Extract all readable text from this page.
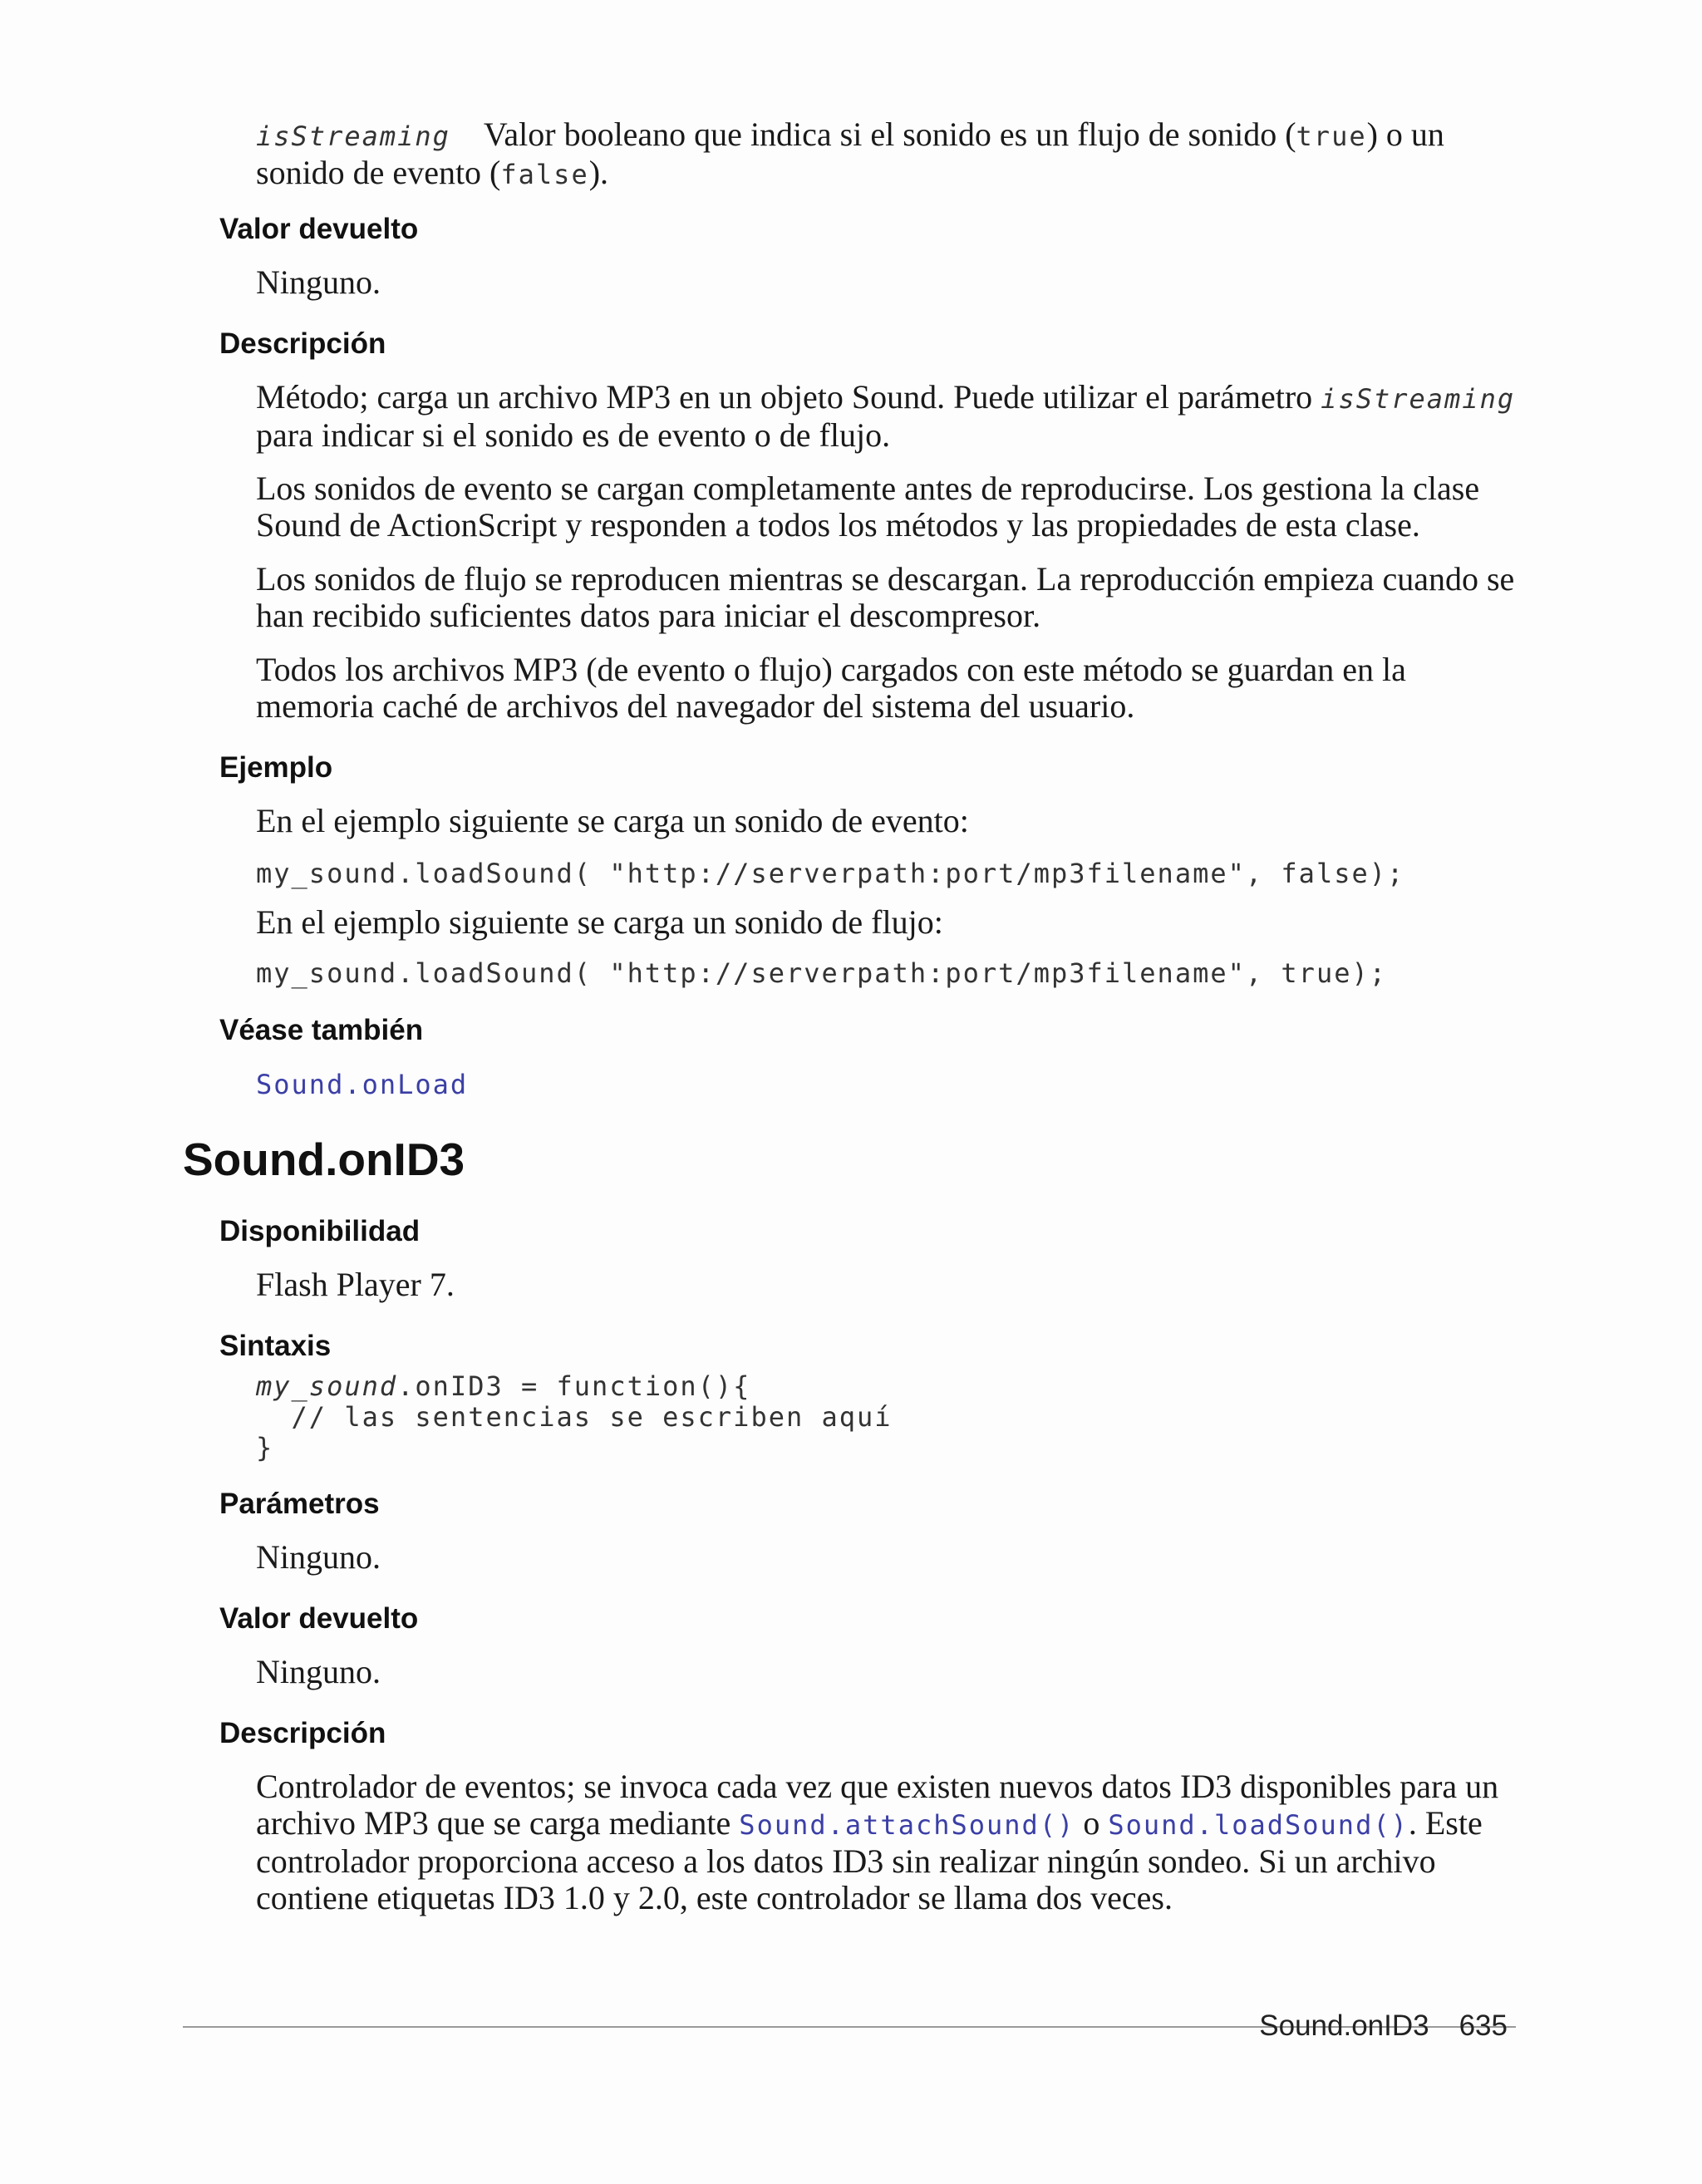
isStreaming Valor booleano que indica si el sonido es un flujo de sonido (true) o un sonido de evento (false).

Valor devuelto

Ninguno.

Descripción

Método; carga un archivo MP3 en un objeto Sound. Puede utilizar el parámetro isStreaming para indicar si el sonido es de evento o de flujo.

Los sonidos de evento se cargan completamente antes de reproducirse. Los gestiona la clase Sound de ActionScript y responden a todos los métodos y las propiedades de esta clase.

Los sonidos de flujo se reproducen mientras se descargan. La reproducción empieza cuando se han recibido suficientes datos para iniciar el descompresor.

Todos los archivos MP3 (de evento o flujo) cargados con este método se guardan en la memoria caché de archivos del navegador del sistema del usuario.

Ejemplo

En el ejemplo siguiente se carga un sonido de evento:

my_sound.loadSound( "http://serverpath:port/mp3filename", false);

En el ejemplo siguiente se carga un sonido de flujo:

my_sound.loadSound( "http://serverpath:port/mp3filename", true);

Véase también

Sound.onLoad

Sound.onID3
Disponibilidad

Flash Player 7.

Sintaxis
my_sound.onID3 = function(){
// las sentencias se escriben aquí
}
Parámetros

Ninguno.

Valor devuelto

Ninguno.

Descripción

Controlador de eventos; se invoca cada vez que existen nuevos datos ID3 disponibles para un archivo MP3 que se carga mediante Sound.attachSound() o Sound.loadSound(). Este controlador proporciona acceso a los datos ID3 sin realizar ningún sondeo. Si un archivo contiene etiquetas ID3 1.0 y 2.0, este controlador se llama dos veces.

Sound.onID3 635
